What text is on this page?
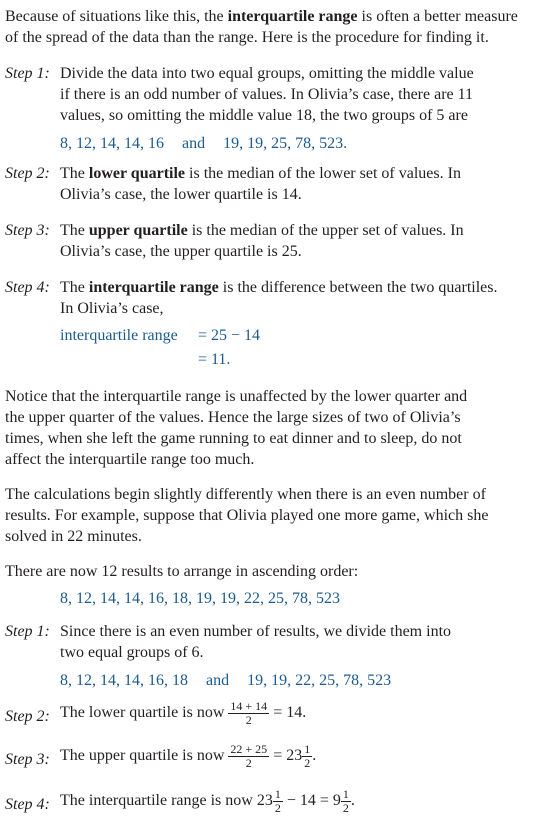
Because of situations like this, the interquartile range is often a better measure
of the spread of the data than the range. Here is the procedure for finding it.

Step 1: Divide the data into two equal groups, omitting the middle value
if there is an odd number of values. In Olivia’s case, there are 11
values, so omitting the middle value 18, the two groups of 5 are
8, 12, 14, 14, 16 and 19, 19, 25, 78, 523.
Step 2: The lower quartile is the median of the lower set of values. In
Olivia’s case, the lower quartile is 14.
Step 3: The upper quartile is the median of the upper set of values. In
Olivia’s case, the upper quartile is 25.
Step 4: The interquartile range is the difference between the two quartiles.
In Olivia’s case,
interquartile range = 25 − 14
= 11.

Notice that the interquartile range is unaffected by the lower quarter and
the upper quarter of the values. Hence the large sizes of two of Olivia’s
times, when she left the game running to eat dinner and to sleep, do not
affect the interquartile range too much.

The calculations begin slightly differently when there is an even number of
results. For example, suppose that Olivia played one more game, which she
solved in 22 minutes.

There are now 12 results to arrange in ascending order:
8, 12, 14, 14, 16, 18, 19, 19, 22, 25, 78, 523

Step 1: Since there is an even number of results, we divide them into
two equal groups of 6.
8, 12, 14, 14, 16, 18 and 19, 19, 22, 25, 78, 523
Step 2: The lower quartile is now $\frac{14 + 14}{2} = 14$.
Step 3: The upper quartile is now $\frac{22 + 25}{2} = 23 \frac{1}{2}$ .
Step 4: The interquartile range is now $23 \frac{1}{2} - 14 = 9 \frac{1}{2}$ .
